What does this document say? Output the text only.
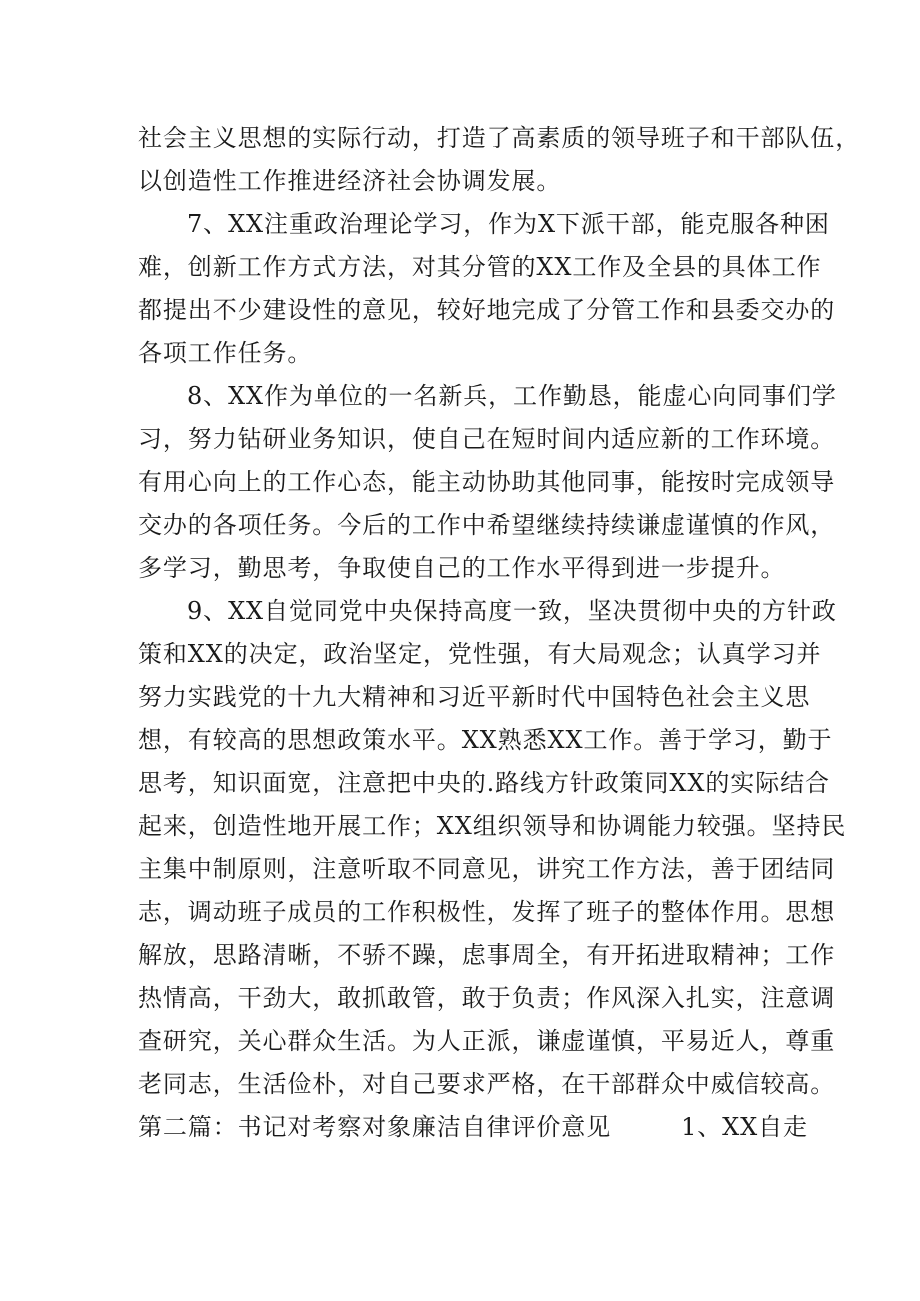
社会主义思想的实际行动，打造了高素质的领导班子和干部队伍，
以创造性工作推进经济社会协调发展。
7、XX注重政治理论学习，作为X下派干部，能克服各种困
难，创新工作方式方法，对其分管的XX工作及全县的具体工作
都提出不少建设性的意见，较好地完成了分管工作和县委交办的
各项工作任务。
8、XX作为单位的一名新兵，工作勤恳，能虚心向同事们学
习，努力钻研业务知识，使自己在短时间内适应新的工作环境。
有用心向上的工作心态，能主动协助其他同事，能按时完成领导
交办的各项任务。今后的工作中希望继续持续谦虚谨慎的作风，
多学习，勤思考，争取使自己的工作水平得到进一步提升。
9、XX自觉同党中央保持高度一致，坚决贯彻中央的方针政
策和XX的决定，政治坚定，党性强，有大局观念；认真学习并
努力实践党的十九大精神和习近平新时代中国特色社会主义思
想，有较高的思想政策水平。XX熟悉XX工作。善于学习，勤于
思考，知识面宽，注意把中央的.路线方针政策同XX的实际结合
起来，创造性地开展工作；XX组织领导和协调能力较强。坚持民
主集中制原则，注意听取不同意见，讲究工作方法，善于团结同
志，调动班子成员的工作积极性，发挥了班子的整体作用。思想
解放，思路清晰，不骄不躁，虑事周全，有开拓进取精神；工作
热情高，干劲大，敢抓敢管，敢于负责；作风深入扎实，注意调
查研究，关心群众生活。为人正派，谦虚谨慎，平易近人，尊重
老同志，生活俭朴，对自己要求严格，在干部群众中威信较高。
第二篇：书记对考察对象廉洁自律评价意见	1、XX自走
